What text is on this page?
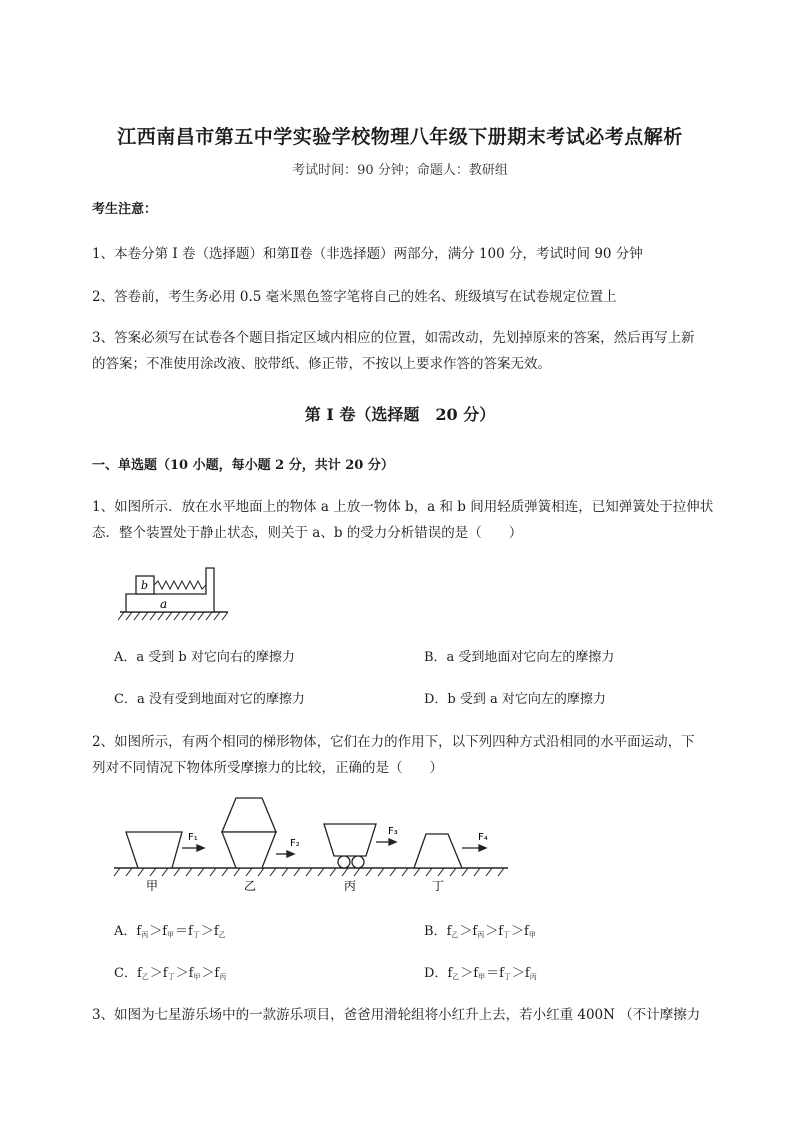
江西南昌市第五中学实验学校物理八年级下册期末考试必考点解析
考试时间：90 分钟；命题人：教研组
考生注意：
1、本卷分第 I 卷（选择题）和第Ⅱ卷（非选择题）两部分，满分 100 分，考试时间 90 分钟
2、答卷前，考生务必用 0.5 毫米黑色签字笔将自己的姓名、班级填写在试卷规定位置上
3、答案必须写在试卷各个题目指定区域内相应的位置，如需改动，先划掉原来的答案，然后再写上新
的答案；不准使用涂改液、胶带纸、修正带，不按以上要求作答的答案无效。
第 I 卷（选择题　20 分）
一、单选题（10 小题，每小题 2 分，共计 20 分）
1、如图所示．放在水平地面上的物体 a 上放一物体 b，a 和 b 间用轻质弹簧相连，已知弹簧处于拉伸状
态．整个装置处于静止状态，则关于 a、b 的受力分析错误的是（　　）
b
a
A．a 受到 b 对它向右的摩擦力	B．a 受到地面对它向左的摩擦力
C．a 没有受到地面对它的摩擦力	D．b 受到 a 对它向左的摩擦力
2、如图所示，有两个相同的梯形物体，它们在力的作用下，以下列四种方式沿相同的水平面运动，下
列对不同情况下物体所受摩擦力的比较，正确的是（　　）
F₁
F₂
F₃
F₄
甲	乙	丙	丁
A．$f_丙>f_甲=f_丁>f_乙$	B．$f_乙>f_丙>f_丁>f_甲$
C．$f_乙>f_丁>f_甲>f_丙$	D．$f_乙>f_甲=f_丁>f_丙$
3、如图为七星游乐场中的一款游乐项目，爸爸用滑轮组将小红升上去，若小红重 400N （不计摩擦力
